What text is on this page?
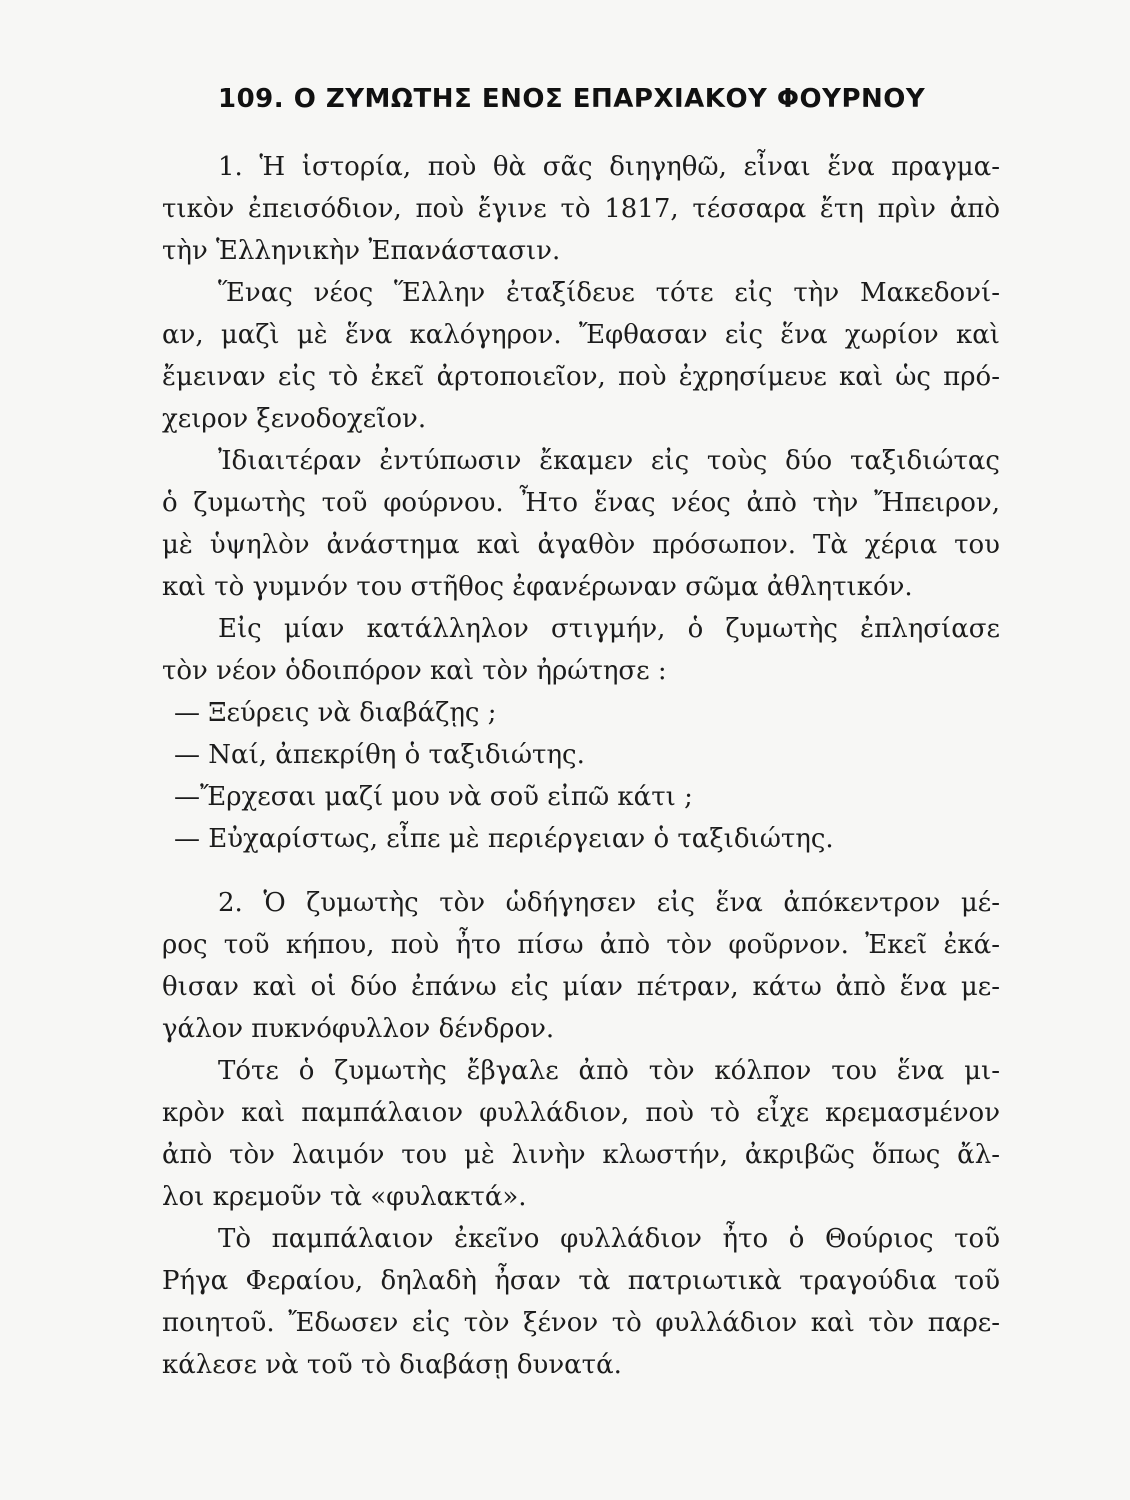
109. Ο ΖΥΜΩΤΗΣ ΕΝΟΣ ΕΠΑΡΧΙΑΚΟΥ ΦΟΥΡΝΟΥ
1. Ἡ ἱστορία, ποὺ θὰ σᾶς διηγηθῶ, εἶναι ἕνα πραγμα-
τικὸν ἐπεισόδιον, ποὺ ἔγινε τὸ 1817, τέσσαρα ἔτη πρὶν ἀπὸ
τὴν Ἑλληνικὴν Ἐπανάστασιν.
Ἕνας νέος Ἕλλην ἐταξίδευε τότε εἰς τὴν Μακεδονί-
αν, μαζὶ μὲ ἕνα καλόγηρον. Ἔφθασαν εἰς ἕνα χωρίον καὶ
ἔμειναν εἰς τὸ ἐκεῖ ἀρτοποιεῖον, ποὺ ἐχρησίμευε καὶ ὡς πρό-
χειρον ξενοδοχεῖον.
Ἰδιαιτέραν ἐντύπωσιν ἔκαμεν εἰς τοὺς δύο ταξιδιώτας
ὁ ζυμωτὴς τοῦ φούρνου. Ἦτο ἕνας νέος ἀπὸ τὴν Ἤπειρον,
μὲ ὑψηλὸν ἀνάστημα καὶ ἀγαθὸν πρόσωπον. Τὰ χέρια του
καὶ τὸ γυμνόν του στῆθος ἐφανέρωναν σῶμα ἀθλητικόν.
Εἰς μίαν κατάλληλον στιγμήν, ὁ ζυμωτὴς ἐπλησίασε
τὸν νέον ὁδοιπόρον καὶ τὸν ἠρώτησε :
— Ξεύρεις νὰ διαβάζῃς ;
— Ναί, ἀπεκρίθη ὁ ταξιδιώτης.
—Ἔρχεσαι μαζί μου νὰ σοῦ εἰπῶ κάτι ;
— Εὐχαρίστως, εἶπε μὲ περιέργειαν ὁ ταξιδιώτης.
2. Ὁ ζυμωτὴς τὸν ὡδήγησεν εἰς ἕνα ἀπόκεντρον μέ-
ρος τοῦ κήπου, ποὺ ἦτο πίσω ἀπὸ τὸν φοῦρνον. Ἐκεῖ ἐκά-
θισαν καὶ οἱ δύο ἐπάνω εἰς μίαν πέτραν, κάτω ἀπὸ ἕνα με-
γάλον πυκνόφυλλον δένδρον.
Τότε ὁ ζυμωτὴς ἔβγαλε ἀπὸ τὸν κόλπον του ἕνα μι-
κρὸν καὶ παμπάλαιον φυλλάδιον, ποὺ τὸ εἶχε κρεμασμένον
ἀπὸ τὸν λαιμόν του μὲ λινὴν κλωστήν, ἀκριβῶς ὅπως ἄλ-
λοι κρεμοῦν τὰ «φυλακτά».
Τὸ παμπάλαιον ἐκεῖνο φυλλάδιον ἦτο ὁ Θούριος τοῦ
Ρήγα Φεραίου, δηλαδὴ ἦσαν τὰ πατριωτικὰ τραγούδια τοῦ
ποιητοῦ. Ἔδωσεν εἰς τὸν ξένον τὸ φυλλάδιον καὶ τὸν παρε-
κάλεσε νὰ τοῦ τὸ διαβάσῃ δυνατά.
